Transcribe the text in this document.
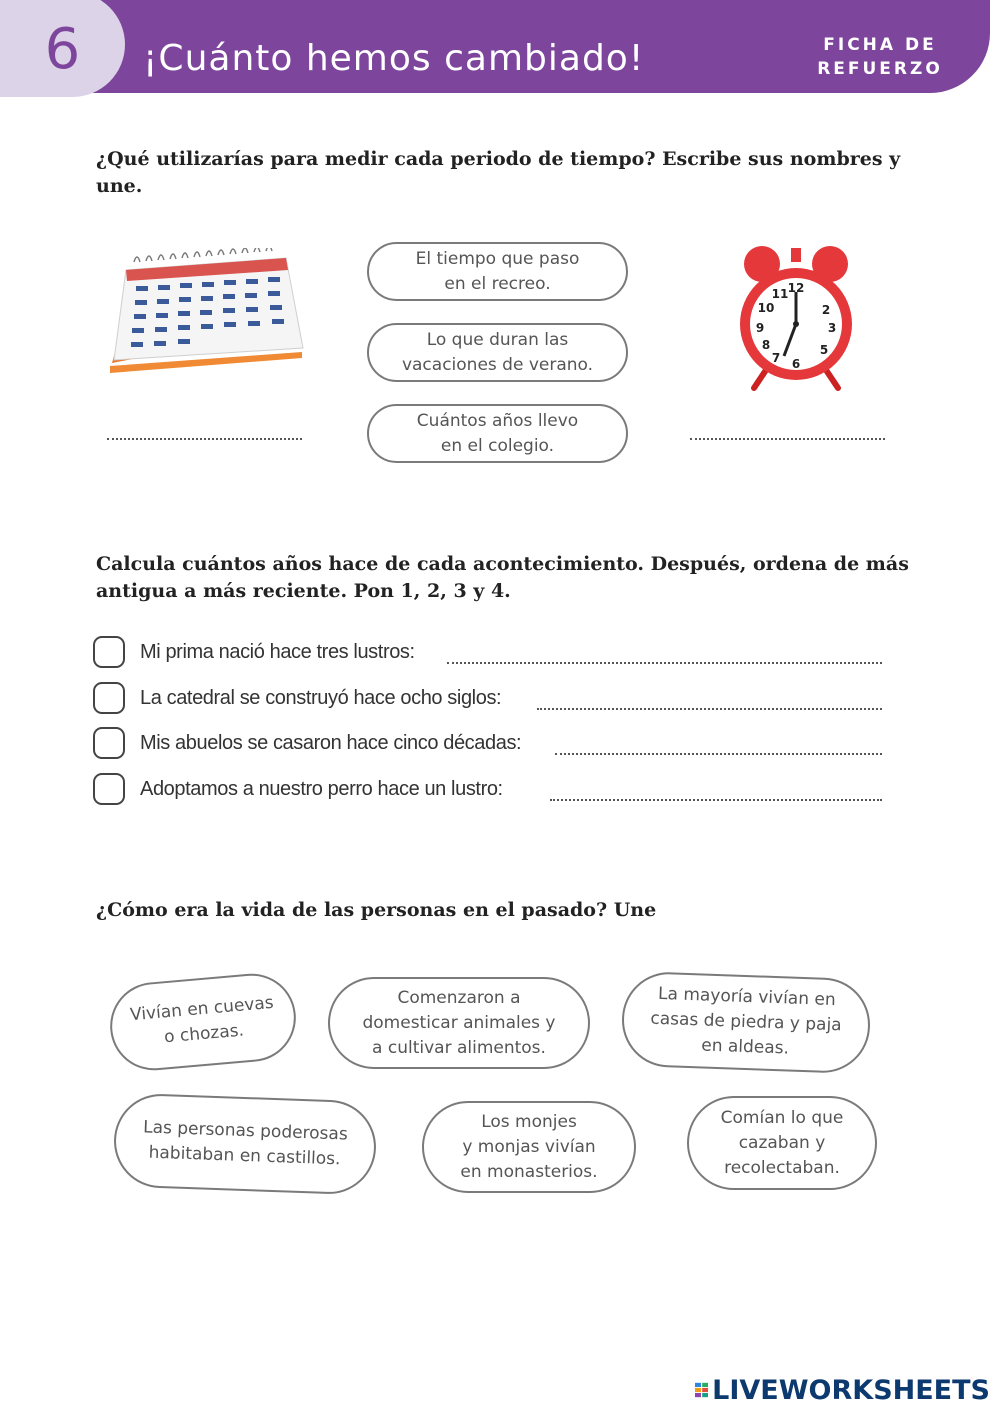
6 ¡Cuánto hemos cambiado!	FICHA DE
REFUERZO
¿Qué utilizarías para medir cada periodo de tiempo? Escribe sus nombres y une.
El tiempo que paso
en el recreo.
Lo que duran las
vacaciones de verano.
Cuántos años llevo
en el colegio.
12
2
3
5
6
7
8
9
10
11
Calcula cuántos años hace de cada acontecimiento. Después, ordena de más antigua a más reciente. Pon 1, 2, 3 y 4.
Mi prima nació hace tres lustros:
La catedral se construyó hace ocho siglos:
Mis abuelos se casaron hace cinco décadas:
Adoptamos a nuestro perro hace un lustro:
¿Cómo era la vida de las personas en el pasado? Une
Vivían en cuevas
o chozas.
Comenzaron a
domesticar animales y
a cultivar alimentos.
La mayoría vivían en
casas de piedra y paja
en aldeas.
Las personas poderosas
habitaban en castillos.
Los monjes
y monjas vivían
en monasterios.
Comían lo que
cazaban y
recolectaban.
LIVEWORKSHEETS
